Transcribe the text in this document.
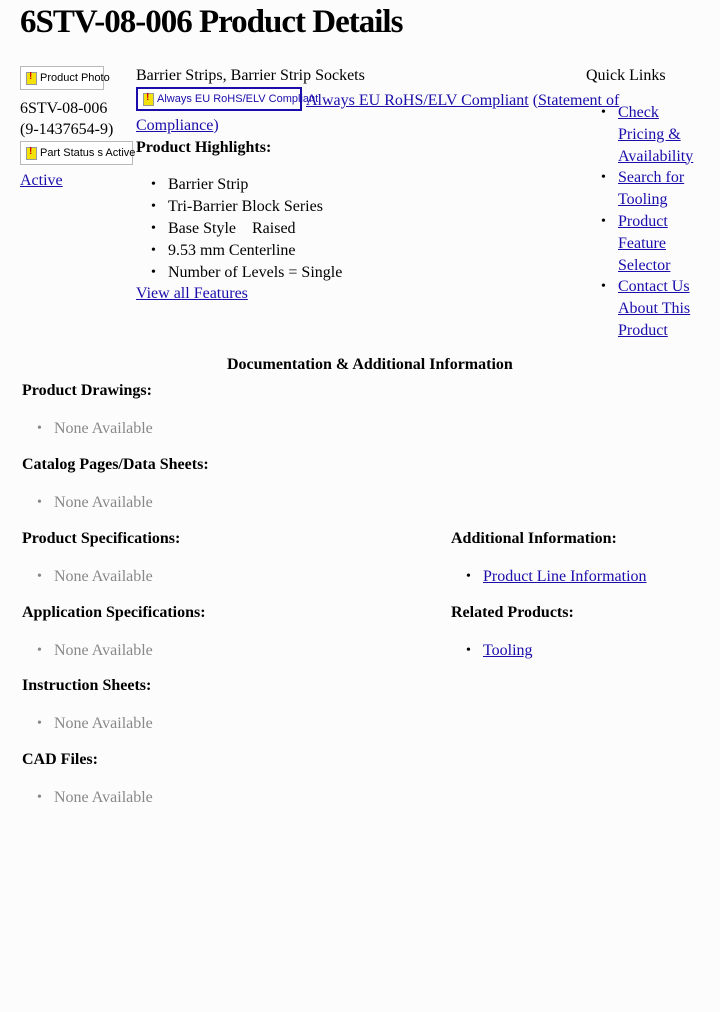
6STV-08-006 Product Details
!
Product Photo
6STV-08-006
(9-1437654-9)
!
Part Status s Active
Active
Barrier Strips, Barrier Strip Sockets
!
Always EU RoHS/ELV Compliant
Always EU RoHS/ELV Compliant (Statement of
Compliance)
Product Highlights:
• Barrier Strip
• Tri-Barrier Block Series
• Base Style    Raised
• 9.53 mm Centerline
• Number of Levels = Single
View all Features
Quick Links
• Check
Pricing &
Availability
• Search for
Tooling
• Product
Feature
Selector
• Contact Us
About This
Product
Documentation & Additional Information
Product Drawings:
• None Available
Catalog Pages/Data Sheets:
• None Available
Product Specifications:
• None Available
Application Specifications:
• None Available
Instruction Sheets:
• None Available
CAD Files:
• None Available
Additional Information:
• Product Line Information
Related Products:
• Tooling
